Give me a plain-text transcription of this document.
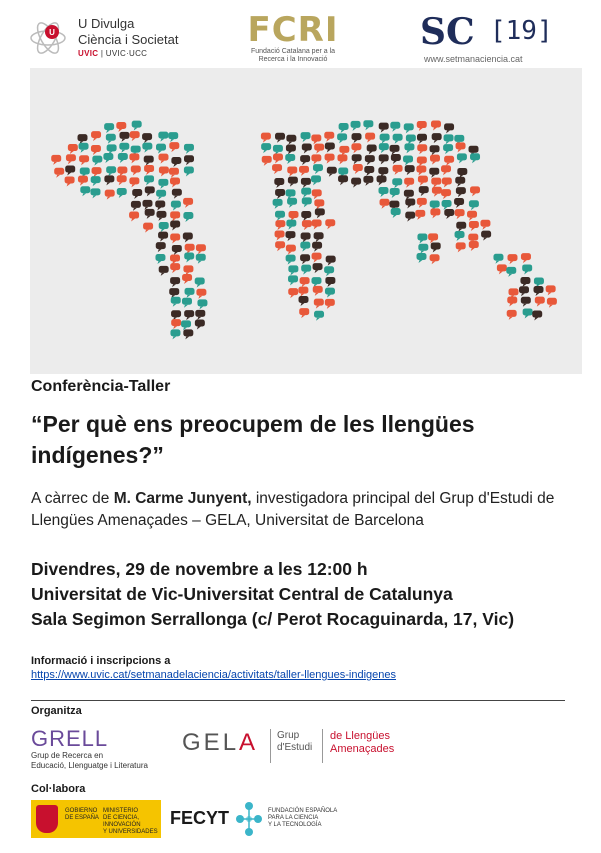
U
U Divulga
Ciència i Societat
UVIC | UVIC·UCC
FCRI
Fundació Catalana per a la
Recerca i la Innovació
SC [19]
www.setmanaciencia.cat
Conferència-Taller
“Per què ens preocupem de les llengües indígenes?”
A càrrec de M. Carme Junyent, investigadora principal del Grup d'Estudi de Llengües Amenaçades – GELA, Universitat de Barcelona
Divendres, 29 de novembre a les 12:00 h
Universitat de Vic-Universitat Central de Catalunya
Sala Segimon Serrallonga (c/ Perot Rocaguinarda, 17, Vic)
Informació i inscripcions a
https://www.uvic.cat/setmanadelaciencia/activitats/taller-llengues-indigenes
Organitza
GRELL
Grup de Recerca en
Educació, Llenguatge i Literatura
GELA Grup
d'Estudi
de Llengües
Amenaçades
Col·labora
GOBIERNO
DE ESPAÑA
MINISTERIO
DE CIENCIA, INNOVACIÓN
Y UNIVERSIDADES
FECYT	FUNDACIÓN ESPAÑOLA
PARA LA CIENCIA
Y LA TECNOLOGÍA
